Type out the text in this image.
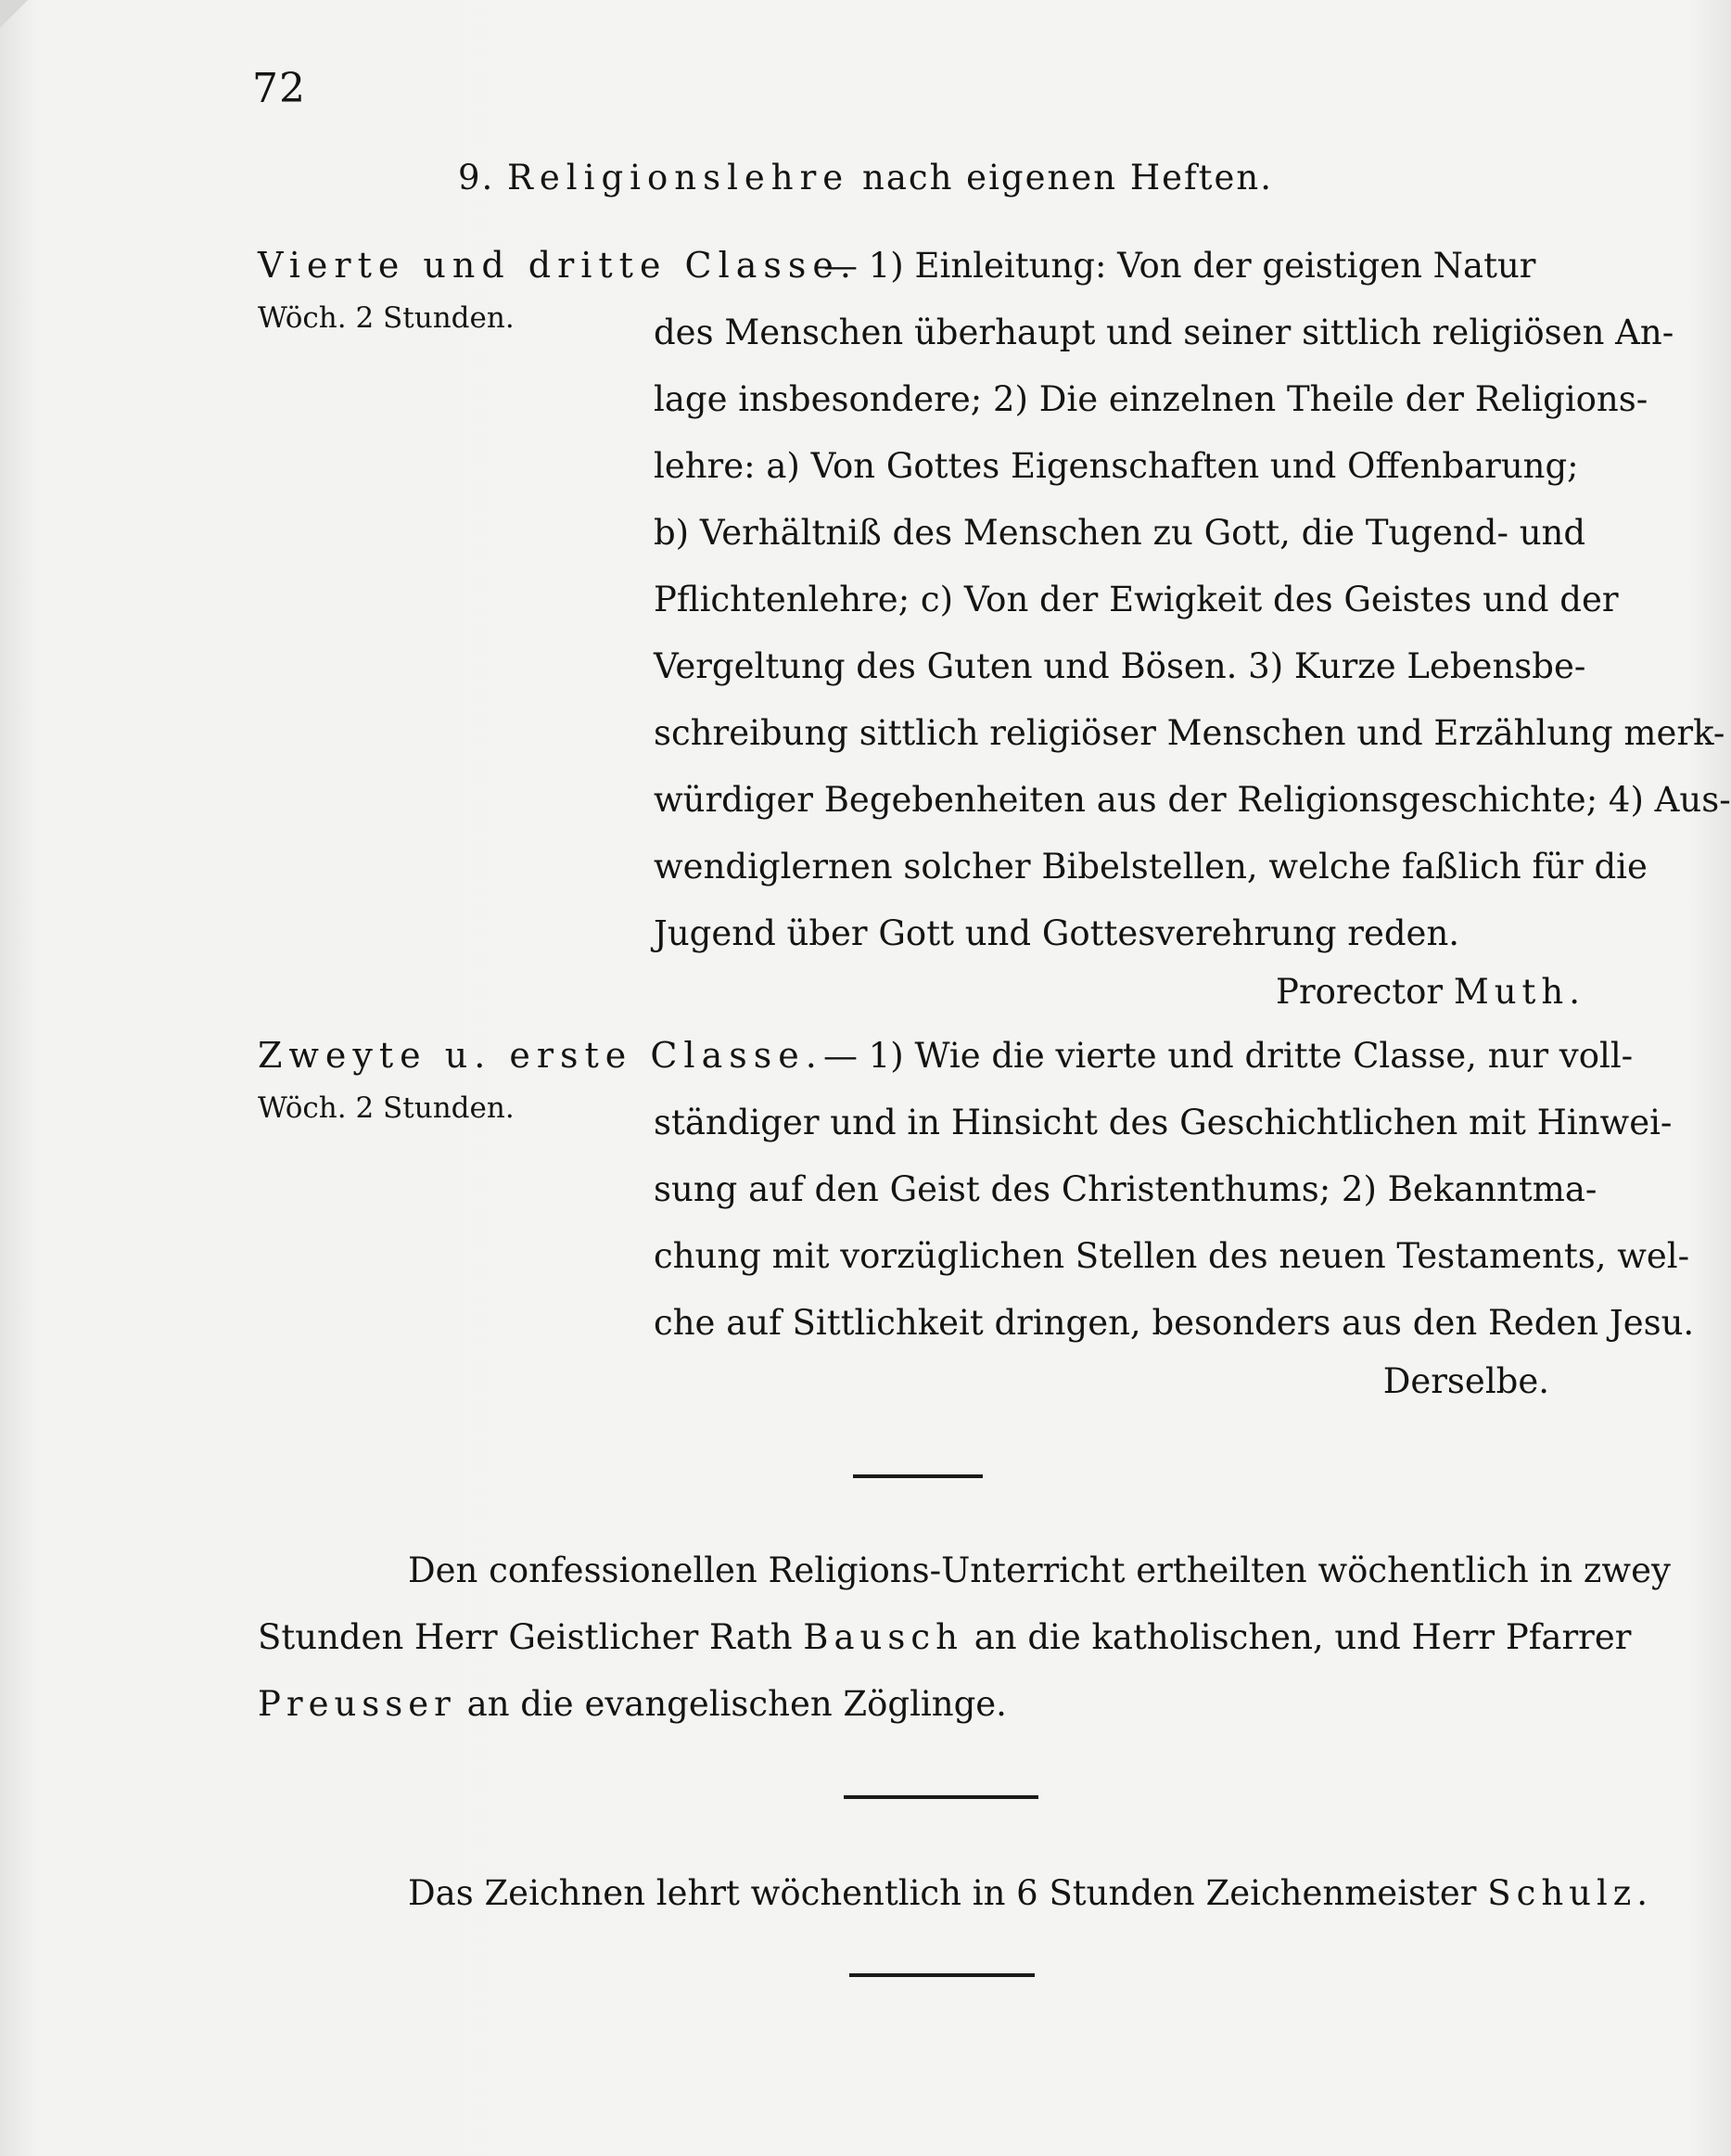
72
9. Religionslehre nach eigenen Heften.
Vierte und dritte Classe.
Wöch. 2 Stunden.
— 1) Einleitung: Von der geistigen Natur
des Menschen überhaupt und seiner sittlich religiösen An-
lage insbesondere; 2) Die einzelnen Theile der Religions-
lehre: a) Von Gottes Eigenschaften und Offenbarung;
b) Verhältniß des Menschen zu Gott, die Tugend- und
Pflichtenlehre; c) Von der Ewigkeit des Geistes und der
Vergeltung des Guten und Bösen. 3) Kurze Lebensbe-
schreibung sittlich religiöser Menschen und Erzählung merk-
würdiger Begebenheiten aus der Religionsgeschichte; 4) Aus-
wendiglernen solcher Bibelstellen, welche faßlich für die
Jugend über Gott und Gottesverehrung reden.
Prorector Muth.
Zweyte u. erste Classe.
Wöch. 2 Stunden.
— 1) Wie die vierte und dritte Classe, nur voll-
ständiger und in Hinsicht des Geschichtlichen mit Hinwei-
sung auf den Geist des Christenthums; 2) Bekanntma-
chung mit vorzüglichen Stellen des neuen Testaments, wel-
che auf Sittlichkeit dringen, besonders aus den Reden Jesu.
Derselbe.
Den confessionellen Religions-Unterricht ertheilten wöchentlich in zwey
Stunden Herr Geistlicher Rath Bausch an die katholischen, und Herr Pfarrer
Preusser an die evangelischen Zöglinge.
Das Zeichnen lehrt wöchentlich in 6 Stunden Zeichenmeister Schulz.
